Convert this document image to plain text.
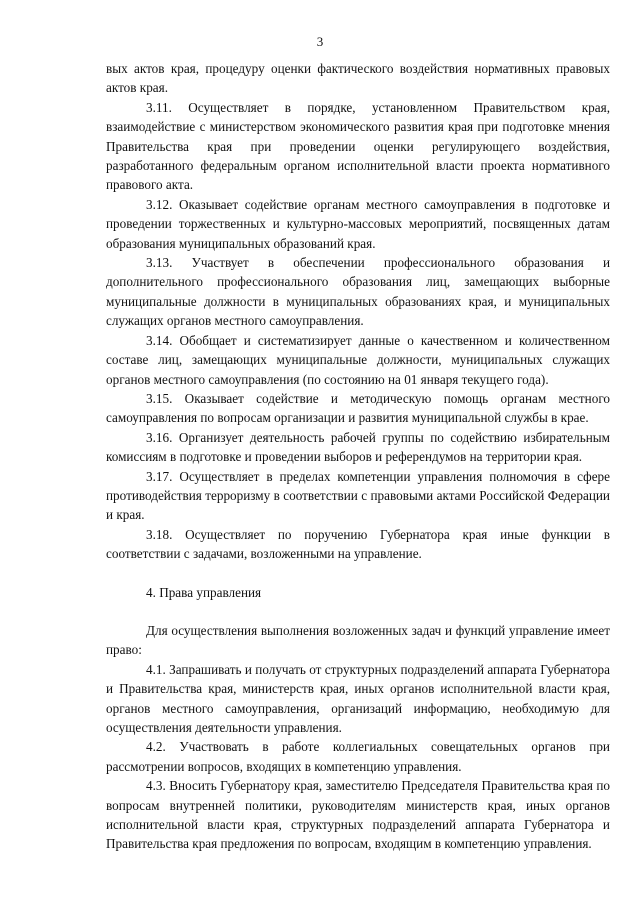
3

вых актов края, процедуру оценки фактического воздействия нормативных правовых актов края.

3.11. Осуществляет в порядке, установленном Правительством края, взаимодействие с министерством экономического развития края при подготовке мнения Правительства края при проведении оценки регулирующего воздействия, разработанного федеральным органом исполнительной власти проекта нормативного правового акта.

3.12. Оказывает содействие органам местного самоуправления в подготовке и проведении торжественных и культурно-массовых мероприятий, посвященных датам образования муниципальных образований края.

3.13. Участвует в обеспечении профессионального образования и дополнительного профессионального образования лиц, замещающих выборные муниципальные должности в муниципальных образованиях края, и муниципальных служащих органов местного самоуправления.

3.14. Обобщает и систематизирует данные о качественном и количественном составе лиц, замещающих муниципальные должности, муниципальных служащих органов местного самоуправления (по состоянию на 01 января текущего года).

3.15. Оказывает содействие и методическую помощь органам местного самоуправления по вопросам организации и развития муниципальной службы в крае.

3.16. Организует деятельность рабочей группы по содействию избирательным комиссиям в подготовке и проведении выборов и референдумов на территории края.

3.17. Осуществляет в пределах компетенции управления полномочия в сфере противодействия терроризму в соответствии с правовыми актами Российской Федерации и края.

3.18. Осуществляет по поручению Губернатора края иные функции в соответствии с задачами, возложенными на управление.

4. Права управления

Для осуществления выполнения возложенных задач и функций управление имеет право:

4.1. Запрашивать и получать от структурных подразделений аппарата Губернатора и Правительства края, министерств края, иных органов исполнительной власти края, органов местного самоуправления, организаций информацию, необходимую для осуществления деятельности управления.

4.2. Участвовать в работе коллегиальных совещательных органов при рассмотрении вопросов, входящих в компетенцию управления.

4.3. Вносить Губернатору края, заместителю Председателя Правительства края по вопросам внутренней политики, руководителям министерств края, иных органов исполнительной власти края, структурных подразделений аппарата Губернатора и Правительства края предложения по вопросам, входящим в компетенцию управления.
